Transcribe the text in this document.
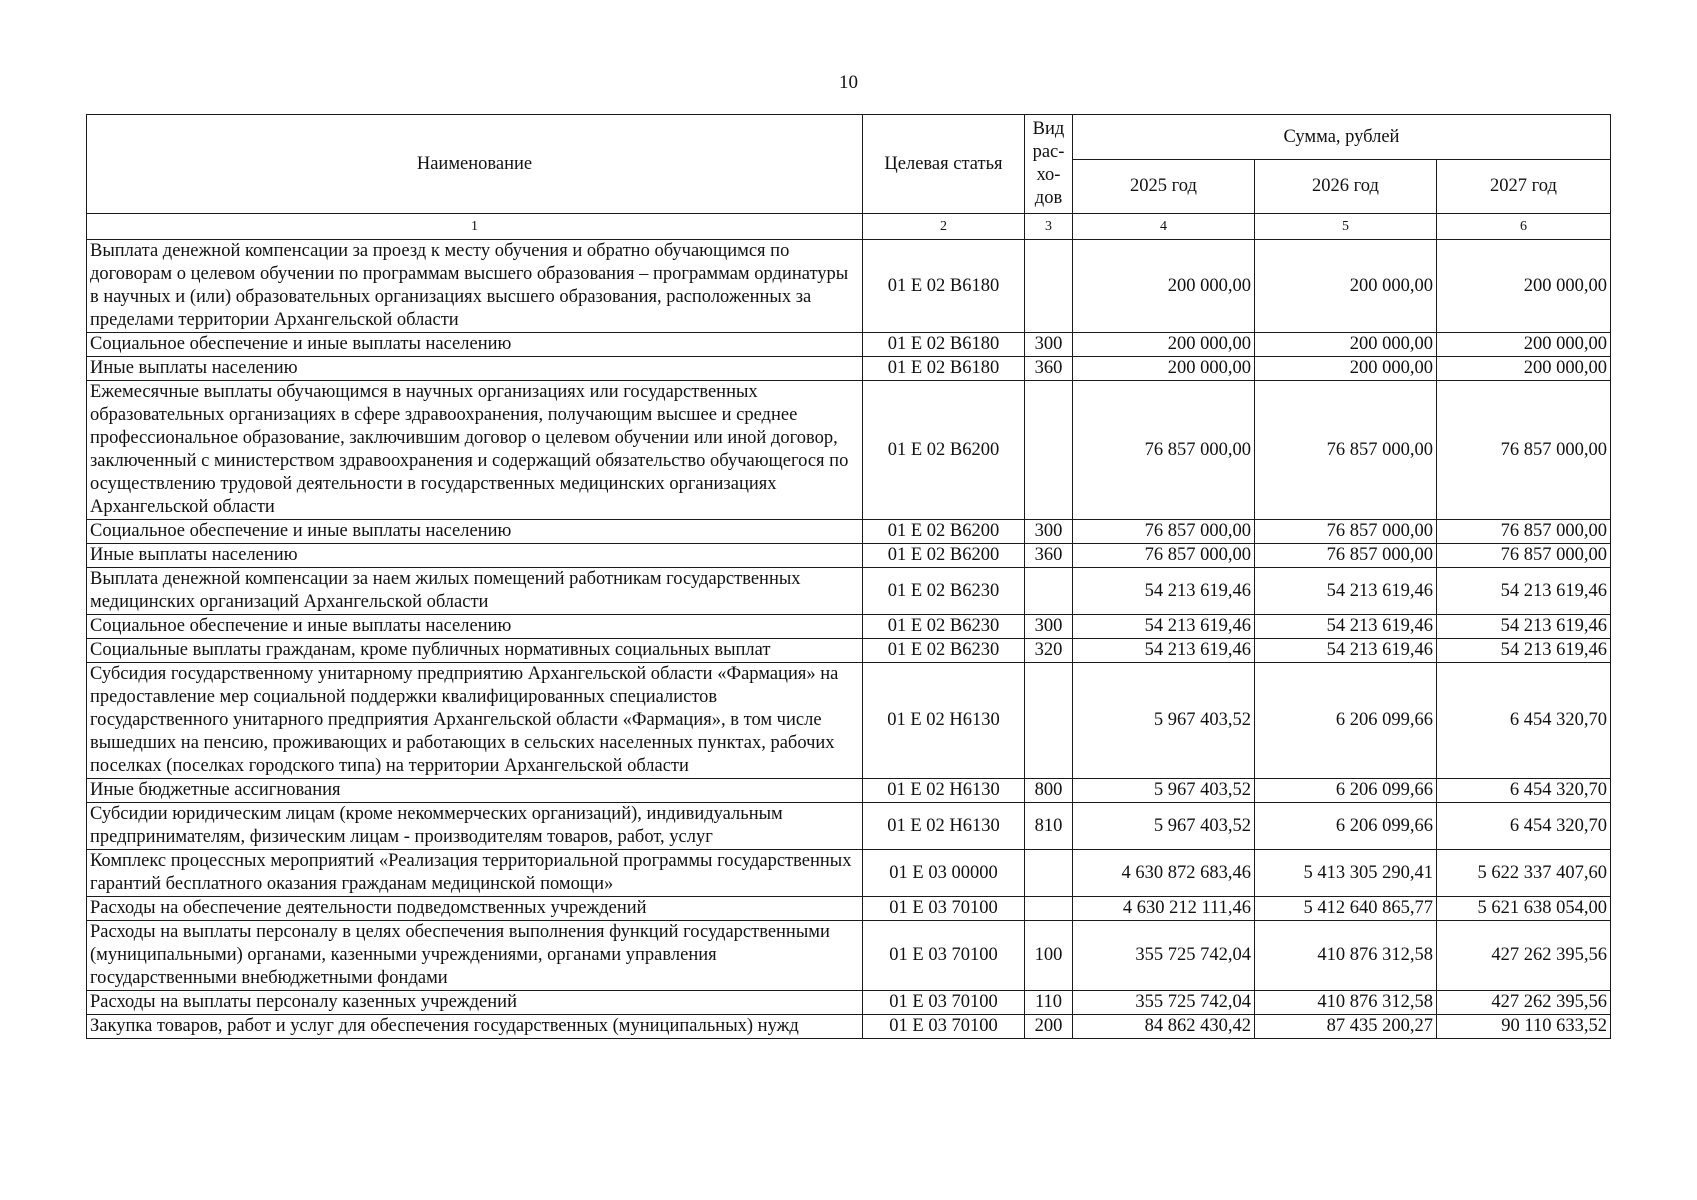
10
Наименование	Целевая статья	Вид рас-хо-дов	Сумма, рублей		
			2025 год	2026 год	2027 год
1	2	3	4	5	6
Выплата денежной компенсации за проезд к месту обучения и обратно обучающимся по договорам о целевом обучении по программам высшего образования – программам ординатуры в научных и (или) образовательных организациях высшего образования, расположенных за пределами территории Архангельской области	01 Е 02 В6180		200 000,00	200 000,00	200 000,00
Социальное обеспечение и иные выплаты населению	01 Е 02 В6180	300	200 000,00	200 000,00	200 000,00
Иные выплаты населению	01 Е 02 В6180	360	200 000,00	200 000,00	200 000,00
Ежемесячные выплаты обучающимся в научных организациях или государственных образовательных организациях в сфере здравоохранения, получающим высшее и среднее профессиональное образование, заключившим договор о целевом обучении или иной договор, заключенный с министерством здравоохранения и содержащий обязательство обучающегося по осуществлению трудовой деятельности в государственных медицинских организациях Архангельской области	01 Е 02 В6200		76 857 000,00	76 857 000,00	76 857 000,00
Социальное обеспечение и иные выплаты населению	01 Е 02 В6200	300	76 857 000,00	76 857 000,00	76 857 000,00
Иные выплаты населению	01 Е 02 В6200	360	76 857 000,00	76 857 000,00	76 857 000,00
Выплата денежной компенсации за наем жилых помещений работникам государственных медицинских организаций Архангельской области	01 Е 02 В6230		54 213 619,46	54 213 619,46	54 213 619,46
Социальное обеспечение и иные выплаты населению	01 Е 02 В6230	300	54 213 619,46	54 213 619,46	54 213 619,46
Социальные выплаты гражданам, кроме публичных нормативных социальных выплат	01 Е 02 В6230	320	54 213 619,46	54 213 619,46	54 213 619,46
Субсидия государственному унитарному предприятию Архангельской области «Фармация» на предоставление мер социальной поддержки квалифицированных специалистов государственного унитарного предприятия Архангельской области «Фармация», в том числе вышедших на пенсию, проживающих и работающих в сельских населенных пунктах, рабочих поселках (поселках городского типа) на территории Архангельской области	01 Е 02 Н6130		5 967 403,52	6 206 099,66	6 454 320,70
Иные бюджетные ассигнования	01 Е 02 Н6130	800	5 967 403,52	6 206 099,66	6 454 320,70
Субсидии юридическим лицам (кроме некоммерческих организаций), индивидуальным предпринимателям, физическим лицам - производителям товаров, работ, услуг	01 Е 02 Н6130	810	5 967 403,52	6 206 099,66	6 454 320,70
Комплекс процессных мероприятий «Реализация территориальной программы государственных гарантий бесплатного оказания гражданам медицинской помощи»	01 Е 03 00000		4 630 872 683,46	5 413 305 290,41	5 622 337 407,60
Расходы на обеспечение деятельности подведомственных учреждений	01 Е 03 70100		4 630 212 111,46	5 412 640 865,77	5 621 638 054,00
Расходы на выплаты персоналу в целях обеспечения выполнения функций государственными (муниципальными) органами, казенными учреждениями, органами управления государственными внебюджетными фондами	01 Е 03 70100	100	355 725 742,04	410 876 312,58	427 262 395,56
Расходы на выплаты персоналу казенных учреждений	01 Е 03 70100	110	355 725 742,04	410 876 312,58	427 262 395,56
Закупка товаров, работ и услуг для обеспечения государственных (муниципальных) нужд	01 Е 03 70100	200	84 862 430,42	87 435 200,27	90 110 633,52
